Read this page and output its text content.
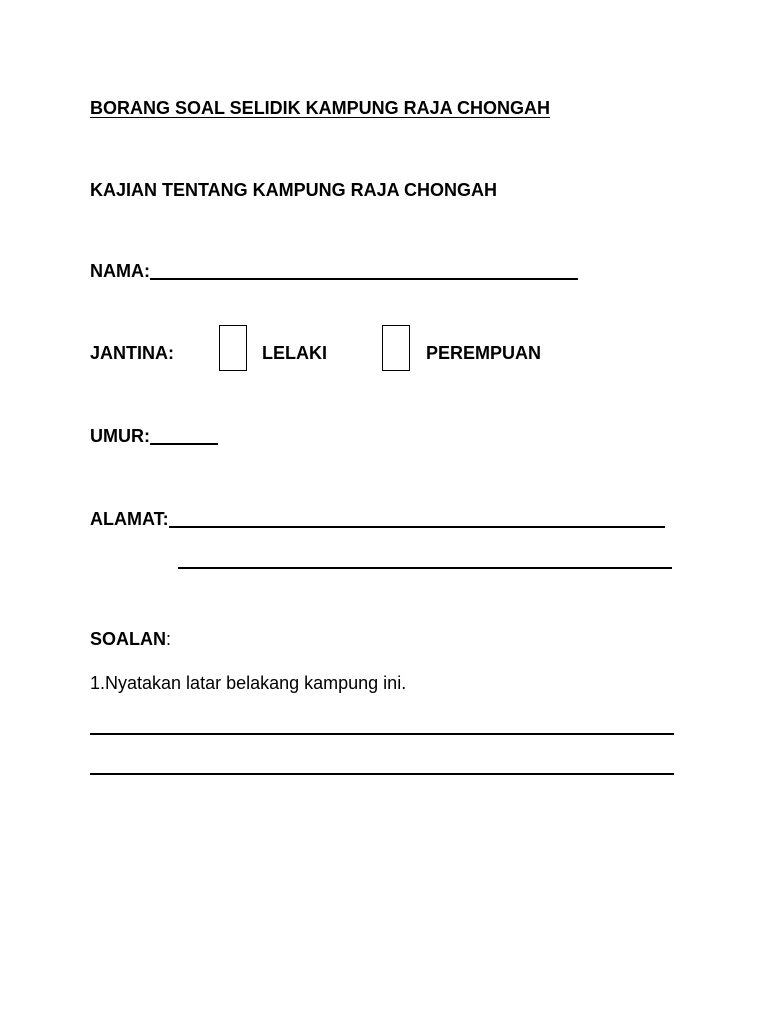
BORANG SOAL SELIDIK KAMPUNG RAJA CHONGAH
KAJIAN TENTANG KAMPUNG RAJA CHONGAH
NAMA:
JANTINA:	LELAKI	PEREMPUAN
UMUR:
ALAMAT:
SOALAN:
1.Nyatakan latar belakang kampung ini.
